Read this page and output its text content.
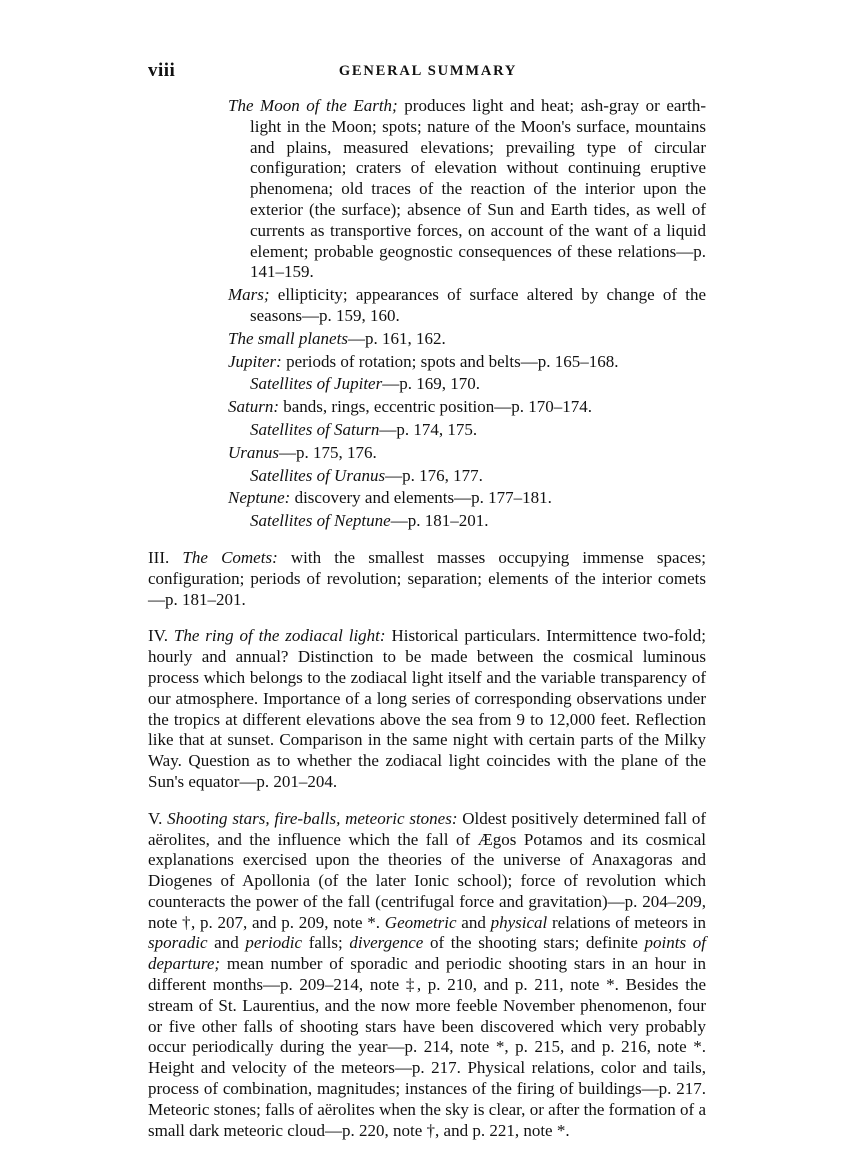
viii	GENERAL SUMMARY

The Moon of the Earth; produces light and heat; ash-gray or earth-light in the Moon; spots; nature of the Moon's surface, mountains and plains, measured elevations; prevailing type of circular configuration; craters of elevation without continuing eruptive phenomena; old traces of the reaction of the interior upon the exterior (the surface); absence of Sun and Earth tides, as well of currents as transportive forces, on account of the want of a liquid element; probable geognostic consequences of these relations—p. 141–159.

Mars; ellipticity; appearances of surface altered by change of the seasons—p. 159, 160.

The small planets—p. 161, 162.

Jupiter: periods of rotation; spots and belts—p. 165–168.

Satellites of Jupiter—p. 169, 170.

Saturn: bands, rings, eccentric position—p. 170–174.

Satellites of Saturn—p. 174, 175.

Uranus—p. 175, 176.

Satellites of Uranus—p. 176, 177.

Neptune: discovery and elements—p. 177–181.

Satellites of Neptune—p. 181–201.

III. The Comets: with the smallest masses occupying immense spaces; configuration; periods of revolution; separation; elements of the interior comets—p. 181–201.

IV. The ring of the zodiacal light: Historical particulars. Intermittence two-fold; hourly and annual? Distinction to be made between the cosmical luminous process which belongs to the zodiacal light itself and the variable transparency of our atmosphere. Importance of a long series of corresponding observations under the tropics at different elevations above the sea from 9 to 12,000 feet. Reflection like that at sunset. Comparison in the same night with certain parts of the Milky Way. Question as to whether the zodiacal light coincides with the plane of the Sun's equator—p. 201–204.

V. Shooting stars, fire-balls, meteoric stones: Oldest positively determined fall of aërolites, and the influence which the fall of Ægos Potamos and its cosmical explanations exercised upon the theories of the universe of Anaxagoras and Diogenes of Apollonia (of the later Ionic school); force of revolution which counteracts the power of the fall (centrifugal force and gravitation)—p. 204–209, note †, p. 207, and p. 209, note *. Geometric and physical relations of meteors in sporadic and periodic falls; divergence of the shooting stars; definite points of departure; mean number of sporadic and periodic shooting stars in an hour in different months—p. 209–214, note ‡, p. 210, and p. 211, note *. Besides the stream of St. Laurentius, and the now more feeble November phenomenon, four or five other falls of shooting stars have been discovered which very probably occur periodically during the year—p. 214, note *, p. 215, and p. 216, note *. Height and velocity of the meteors—p. 217. Physical relations, color and tails, process of combination, magnitudes; instances of the firing of buildings—p. 217. Meteoric stones; falls of aërolites when the sky is clear, or after the formation of a small dark meteoric cloud—p. 220, note †, and p. 221, note *.
